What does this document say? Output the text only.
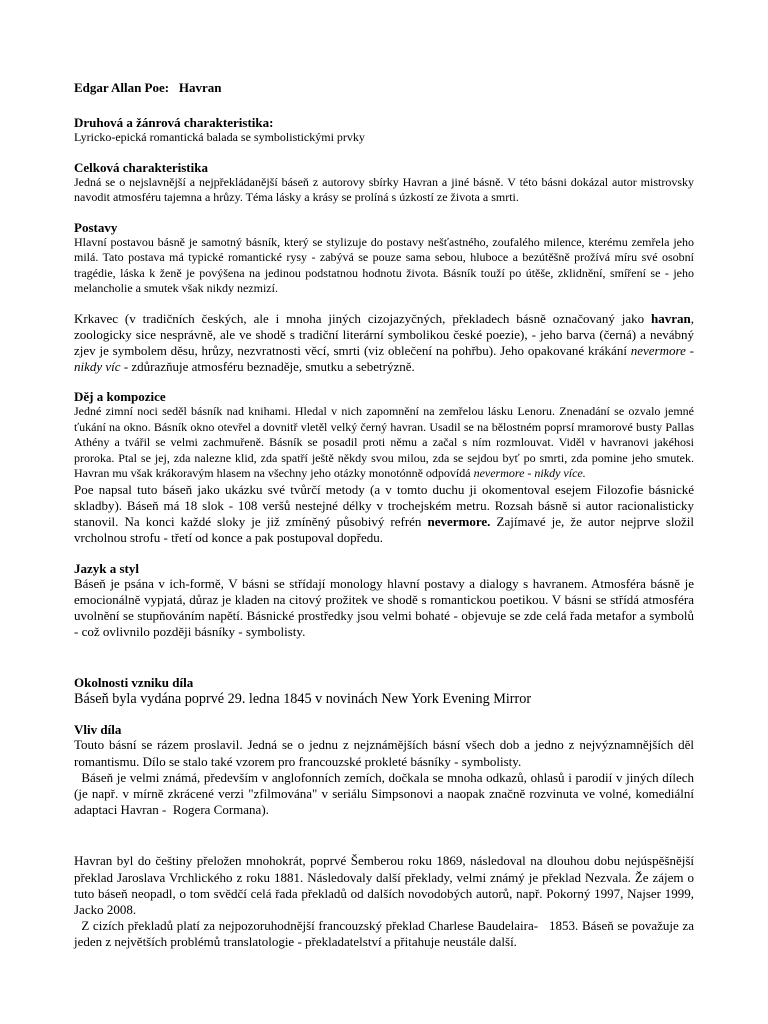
Edgar Allan Poe:   Havran

Druhová a žánrová charakteristika:

Lyricko-epická romantická balada se symbolistickými prvky

Celková charakteristika

Jedná se o nejslavnější a nejpřekládanější báseň z autorovy sbírky Havran a jiné básně. V této básni dokázal autor mistrovsky navodit atmosféru tajemna a hrůzy. Téma lásky a krásy se prolíná s úzkostí ze života a smrti.

Postavy

Hlavní postavou básně je samotný básník, který se stylizuje do postavy nešťastného, zoufalého milence, kterému zemřela jeho milá. Tato postava má typické romantické rysy - zabývá se pouze sama sebou, hluboce a bezútěšně prožívá míru své osobní tragédie, láska k ženě je povýšena na jedinou podstatnou hodnotu života. Básník touží po útěše, zklidnění, smíření se - jeho melancholie a smutek však nikdy nezmizí.

Krkavec (v tradičních českých, ale i mnoha jiných cizojazyčných, překladech básně označovaný jako havran, zoologicky sice nesprávně, ale ve shodě s tradiční literární symbolikou české poezie), - jeho barva (černá) a nevábný zjev je symbolem děsu, hrůzy, nezvratnosti věcí, smrti (viz oblečení na pohřbu). Jeho opakované krákání nevermore - nikdy víc - zdůrazňuje atmosféru beznaděje, smutku a sebetrýzně.

Děj a kompozice

Jedné zimní noci seděl básník nad knihami. Hledal v nich zapomnění na zemřelou lásku Lenoru. Znenadání se ozvalo jemné ťukání na okno. Básník okno otevřel a dovnitř vletěl velký černý havran. Usadil se na bělostném poprsí mramorové busty Pallas Athény a tvářil se velmi zachmuřeně. Básník se posadil proti němu a začal s ním rozmlouvat. Viděl v havranovi jakéhosi proroka. Ptal se jej, zda nalezne klid, zda spatří ještě někdy svou milou, zda se sejdou byť po smrti, zda pomine jeho smutek. Havran mu však krákoravým hlasem na všechny jeho otázky monotónně odpovídá nevermore - nikdy více.

Poe napsal tuto báseň jako ukázku své tvůrčí metody (a v tomto duchu ji okomentoval esejem Filozofie básnické skladby). Báseň má 18 slok - 108 veršů nestejné délky v trochejském metru. Rozsah básně si autor racionalisticky stanovil. Na konci každé sloky je již zmíněný působivý refrén nevermore. Zajímavé je, že autor nejprve složil vrcholnou strofu - třetí od konce a pak postupoval dopředu.

Jazyk a styl

Báseň je psána v ich-formě, V básni se střídají monology hlavní postavy a dialogy s havranem. Atmosféra básně je emocionálně vypjatá, důraz je kladen na citový prožitek ve shodě s romantickou poetikou. V básni se střídá atmosféra uvolnění se stupňováním napětí. Básnické prostředky jsou velmi bohaté - objevuje se zde celá řada metafor a symbolů - což ovlivnilo později básníky - symbolisty.

Okolnosti vzniku díla

Báseň byla vydána poprvé 29. ledna 1845 v novinách New York Evening Mirror

Vliv díla

Touto básní se rázem proslavil. Jedná se o jednu z nejznámějších básní všech dob a jedno z nejvýznamnějších děl romantismu. Dílo se stalo také vzorem pro francouzské prokleté básníky - symbolisty.

Báseň je velmi známá, především v anglofonních zemích, dočkala se mnoha odkazů, ohlasů i parodií v jiných dílech (je např. v mírně zkrácené verzi "zfilmována" v seriálu Simpsonovi a naopak značně rozvinuta ve volné, komediální adaptaci Havran -  Rogera Cormana).

Havran byl do češtiny přeložen mnohokrát, poprvé Šemberou roku 1869, následoval na dlouhou dobu nejúspěšnější překlad Jaroslava Vrchlického z roku 1881. Následovaly další překlady, velmi známý je překlad Nezvala. Že zájem o tuto báseň neopadl, o tom svědčí celá řada překladů od dalších novodobých autorů, např. Pokorný 1997, Najser 1999, Jacko 2008.

Z cizích překladů platí za nejpozoruhodnější francouzský překlad Charlese Baudelaira-   1853. Báseň se považuje za jeden z největších problémů translatologie - překladatelství a přitahuje neustále další.
